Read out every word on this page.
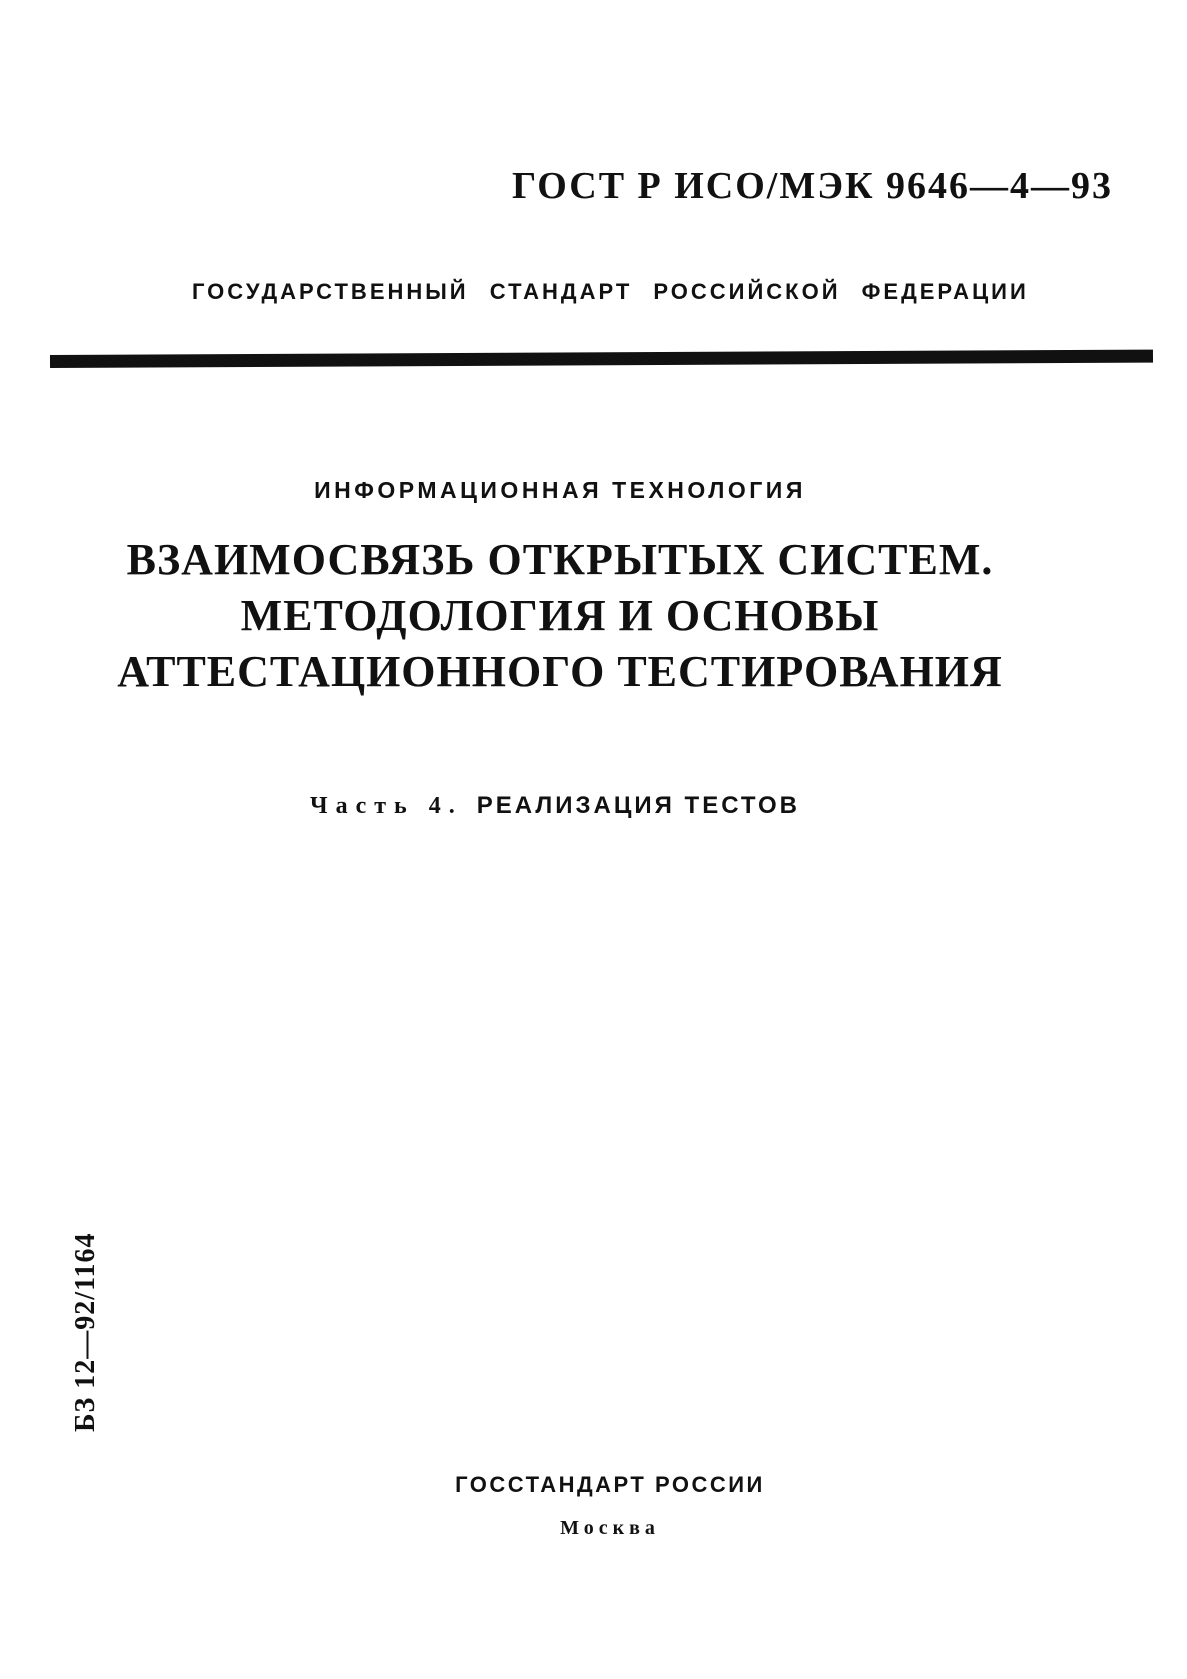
ГОСТ Р ИСО/МЭК 9646—4—93
ГОСУДАРСТВЕННЫЙ СТАНДАРТ РОССИЙСКОЙ ФЕДЕРАЦИИ
ИНФОРМАЦИОННАЯ ТЕХНОЛОГИЯ
ВЗАИМОСВЯЗЬ ОТКРЫТЫХ СИСТЕМ.
МЕТОДОЛОГИЯ И ОСНОВЫ
АТТЕСТАЦИОННОГО ТЕСТИРОВАНИЯ
Часть 4. РЕАЛИЗАЦИЯ ТЕСТОВ
БЗ 12—92/1164
ГОССТАНДАРТ РОССИИ
Москва
